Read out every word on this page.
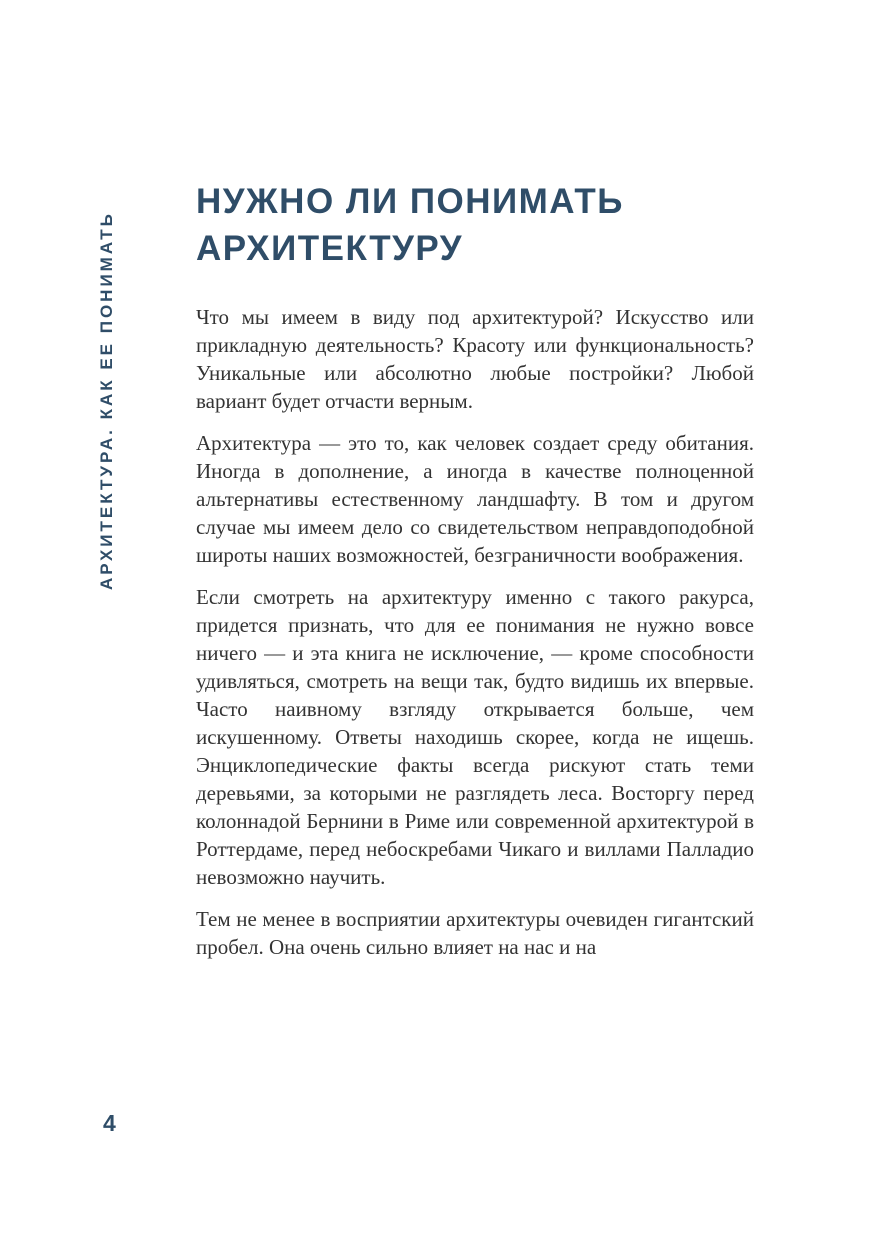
АРХИТЕКТУРА. КАК ЕЕ ПОНИМАТЬ
НУЖНО ЛИ ПОНИМАТЬ
АРХИТЕКТУРУ

Что мы имеем в виду под архитектурой? Искусство или прикладную деятельность? Красоту или функциональность? Уникальные или абсолютно любые постройки? Любой вариант будет отчасти верным.

Архитектура — это то, как человек создает среду обитания. Иногда в дополнение, а иногда в качестве полноценной альтернативы естественному ландшафту. В том и другом случае мы имеем дело со свидетельством неправдоподобной широты наших возможностей, безграничности воображения.

Если смотреть на архитектуру именно с такого ракурса, придется признать, что для ее понимания не нужно вовсе ничего — и эта книга не исключение, — кроме способности удивляться, смотреть на вещи так, будто видишь их впервые. Часто наивному взгляду открывается больше, чем искушенному. Ответы находишь скорее, когда не ищешь. Энциклопедические факты всегда рискуют стать теми деревьями, за которыми не разглядеть леса. Восторгу перед колоннадой Бернини в Риме или современной архитектурой в Роттердаме, перед небоскребами Чикаго и виллами Палладио невозможно научить.

Тем не менее в восприятии архитектуры очевиден гигантский пробел. Она очень сильно влияет на нас и на

4
